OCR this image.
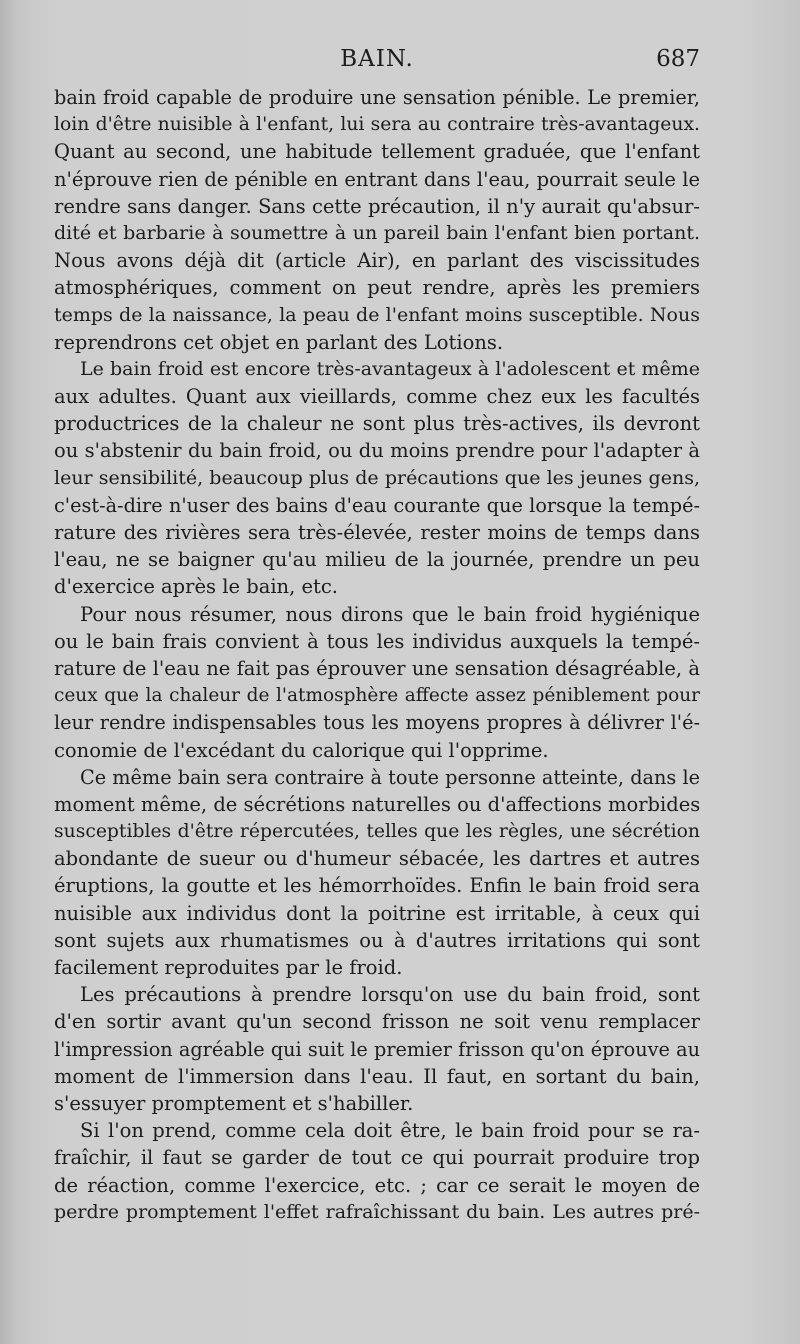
BAIN.	687
bain froid capable de produire une sensation pénible. Le premier,
loin d'être nuisible à l'enfant, lui sera au contraire très-avantageux.
Quant au second, une habitude tellement graduée, que l'enfant
n'éprouve rien de pénible en entrant dans l'eau, pourrait seule le
rendre sans danger. Sans cette précaution, il n'y aurait qu'absur-
dité et barbarie à soumettre à un pareil bain l'enfant bien portant.
Nous avons déjà dit (article Air), en parlant des viscissitudes
atmosphériques, comment on peut rendre, après les premiers
temps de la naissance, la peau de l'enfant moins susceptible. Nous
reprendrons cet objet en parlant des Lotions.
Le bain froid est encore très-avantageux à l'adolescent et même
aux adultes. Quant aux vieillards, comme chez eux les facultés
productrices de la chaleur ne sont plus très-actives, ils devront
ou s'abstenir du bain froid, ou du moins prendre pour l'adapter à
leur sensibilité, beaucoup plus de précautions que les jeunes gens,
c'est-à-dire n'user des bains d'eau courante que lorsque la tempé-
rature des rivières sera très-élevée, rester moins de temps dans
l'eau, ne se baigner qu'au milieu de la journée, prendre un peu
d'exercice après le bain, etc.
Pour nous résumer, nous dirons que le bain froid hygiénique
ou le bain frais convient à tous les individus auxquels la tempé-
rature de l'eau ne fait pas éprouver une sensation désagréable, à
ceux que la chaleur de l'atmosphère affecte assez péniblement pour
leur rendre indispensables tous les moyens propres à délivrer l'é-
conomie de l'excédant du calorique qui l'opprime.
Ce même bain sera contraire à toute personne atteinte, dans le
moment même, de sécrétions naturelles ou d'affections morbides
susceptibles d'être répercutées, telles que les règles, une sécrétion
abondante de sueur ou d'humeur sébacée, les dartres et autres
éruptions, la goutte et les hémorrhoïdes. Enfin le bain froid sera
nuisible aux individus dont la poitrine est irritable, à ceux qui
sont sujets aux rhumatismes ou à d'autres irritations qui sont
facilement reproduites par le froid.
Les précautions à prendre lorsqu'on use du bain froid, sont
d'en sortir avant qu'un second frisson ne soit venu remplacer
l'impression agréable qui suit le premier frisson qu'on éprouve au
moment de l'immersion dans l'eau. Il faut, en sortant du bain,
s'essuyer promptement et s'habiller.
Si l'on prend, comme cela doit être, le bain froid pour se ra-
fraîchir, il faut se garder de tout ce qui pourrait produire trop
de réaction, comme l'exercice, etc. ; car ce serait le moyen de
perdre promptement l'effet rafraîchissant du bain. Les autres pré-
